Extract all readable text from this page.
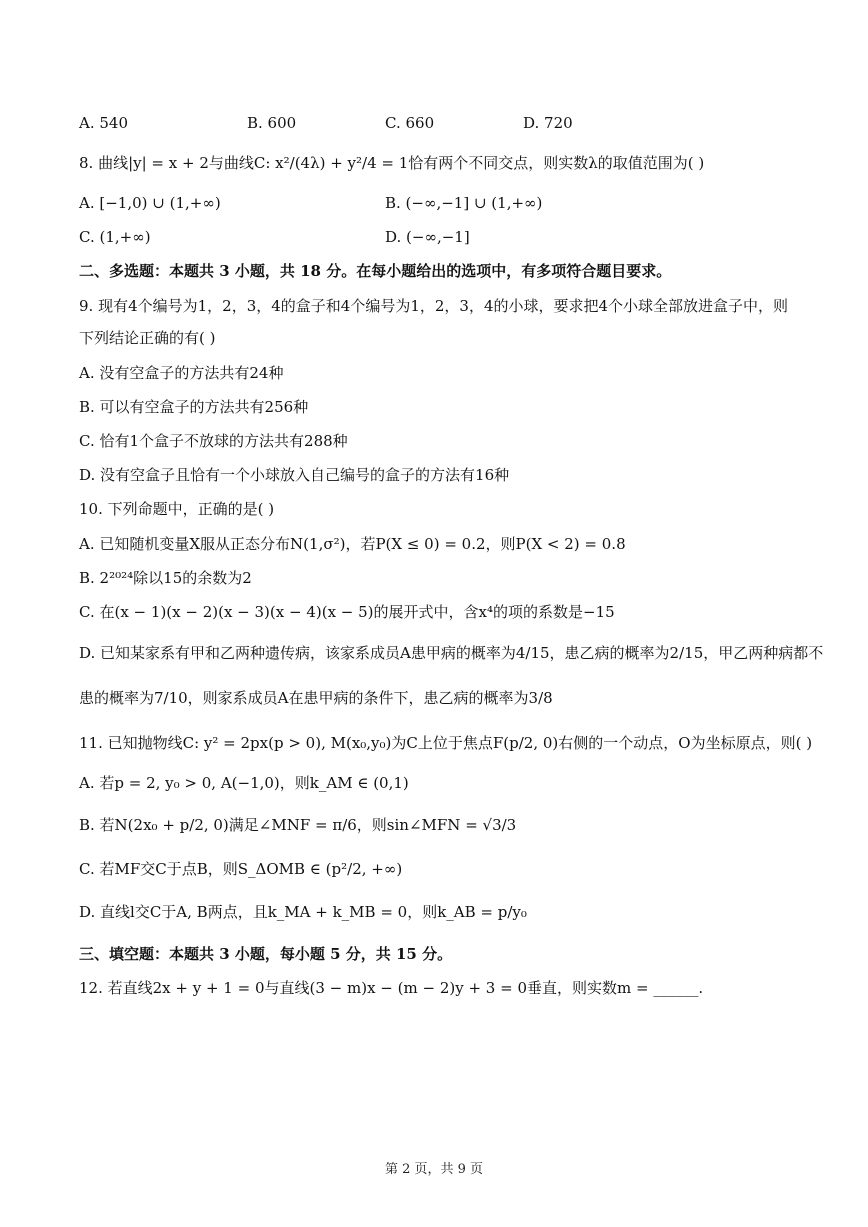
A. 540	B. 600	C. 660	D. 720
8. 曲线|y| = x + 2与曲线C: x²/(4λ) + y²/4 = 1恰有两个不同交点，则实数λ的取值范围为( )
A. [−1,0) ∪ (1,+∞)	B. (−∞,−1] ∪ (1,+∞)
C. (1,+∞)	D. (−∞,−1]
二、多选题：本题共 3 小题，共 18 分。在每小题给出的选项中，有多项符合题目要求。
9. 现有4个编号为1，2，3，4的盒子和4个编号为1，2，3，4的小球，要求把4个小球全部放进盒子中，则
下列结论正确的有( )
A. 没有空盒子的方法共有24种
B. 可以有空盒子的方法共有256种
C. 恰有1个盒子不放球的方法共有288种
D. 没有空盒子且恰有一个小球放入自己编号的盒子的方法有16种
10. 下列命题中，正确的是( )
A. 已知随机变量X服从正态分布N(1,σ²)，若P(X ≤ 0) = 0.2，则P(X < 2) = 0.8
B. 2²⁰²⁴除以15的余数为2
C. 在(x − 1)(x − 2)(x − 3)(x − 4)(x − 5)的展开式中，含x⁴的项的系数是−15
D. 已知某家系有甲和乙两种遗传病，该家系成员A患甲病的概率为4/15，患乙病的概率为2/15，甲乙两种病都不
患的概率为7/10，则家系成员A在患甲病的条件下，患乙病的概率为3/8
11. 已知抛物线C: y² = 2px(p > 0), M(x₀,y₀)为C上位于焦点F(p/2, 0)右侧的一个动点，O为坐标原点，则( )
A. 若p = 2, y₀ > 0, A(−1,0)，则k_AM ∈ (0,1)
B. 若N(2x₀ + p/2, 0)满足∠MNF = π/6，则sin∠MFN = √3/3
C. 若MF交C于点B，则S_ΔOMB ∈ (p²/2, +∞)
D. 直线l交C于A, B两点，且k_MA + k_MB = 0，则k_AB = p/y₀
三、填空题：本题共 3 小题，每小题 5 分，共 15 分。
12. 若直线2x + y + 1 = 0与直线(3 − m)x − (m − 2)y + 3 = 0垂直，则实数m = ______.
第 2 页，共 9 页
